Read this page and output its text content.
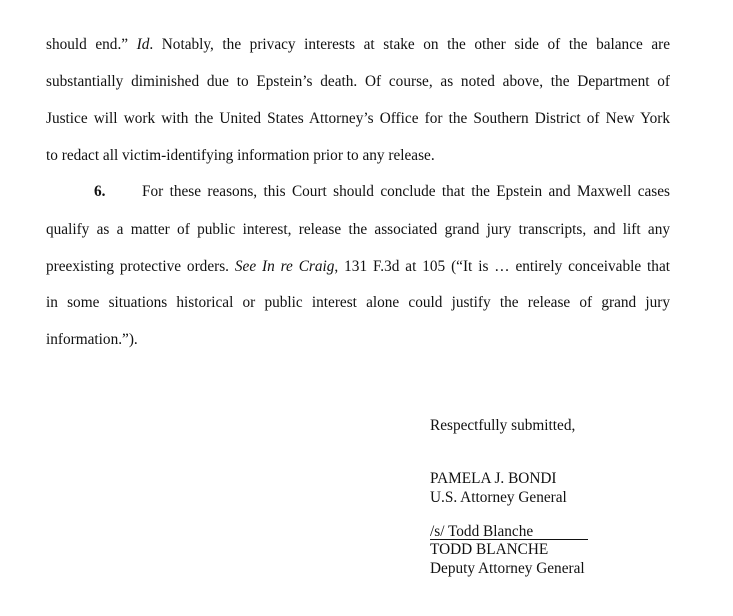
should end.” Id. Notably, the privacy interests at stake on the other side of the balance are
substantially diminished due to Epstein’s death. Of course, as noted above, the Department of
Justice will work with the United States Attorney’s Office for the Southern District of New York
to redact all victim-identifying information prior to any release.
6. For these reasons, this Court should conclude that the Epstein and Maxwell cases
qualify as a matter of public interest, release the associated grand jury transcripts, and lift any
preexisting protective orders. See In re Craig, 131 F.3d at 105 (“It is … entirely conceivable that
in some situations historical or public interest alone could justify the release of grand jury
information.”).
Respectfully submitted,
PAMELA J. BONDI
U.S. Attorney General
/s/ Todd Blanche
TODD BLANCHE
Deputy Attorney General
